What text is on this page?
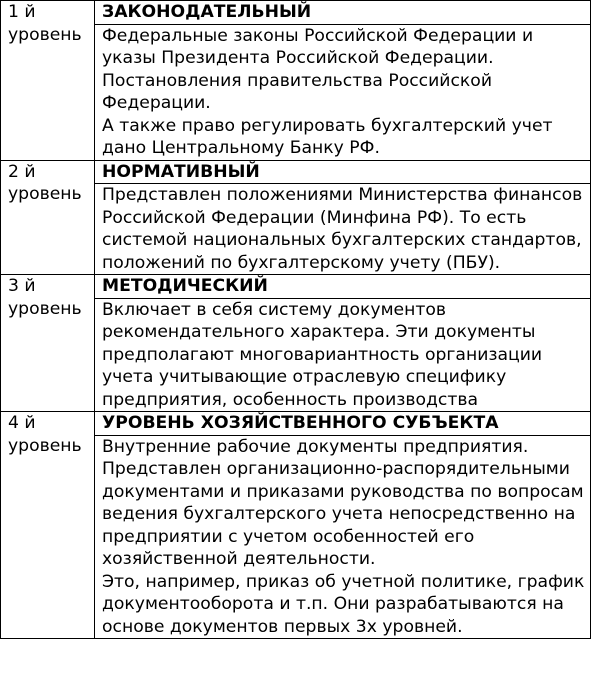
1 й
уровень	ЗАКОНОДАТЕЛЬНЫЙ
	Федеральные законы Российской Федерации и указы Президента Российской Федерации.
Постановления правительства Российской Федерации.
А также право регулировать бухгалтерский учет дано Центральному Банку РФ.
2 й
уровень	НОРМАТИВНЫЙ
	Представлен положениями Министерства финансов Российской Федерации (Минфина РФ). То есть системой национальных бухгалтерских стандартов, положений по бухгалтерскому учету (ПБУ).
3 й
уровень	МЕТОДИЧЕСКИЙ
	Включает в себя систему документов рекомендательного характера. Эти документы предполагают многовариантность организации учета учитывающие отраслевую специфику предприятия, особенность производства
4 й
уровень	УРОВЕНЬ ХОЗЯЙСТВЕННОГО СУБЪЕКТА
	Внутренние рабочие документы предприятия.
Представлен организационно-распорядительными документами и приказами руководства по вопросам ведения бухгалтерского учета непосредственно на предприятии с учетом особенностей его хозяйственной деятельности.
Это, например, приказ об учетной политике, график документооборота и т.п. Они разрабатываются на основе документов первых 3х уровней.
